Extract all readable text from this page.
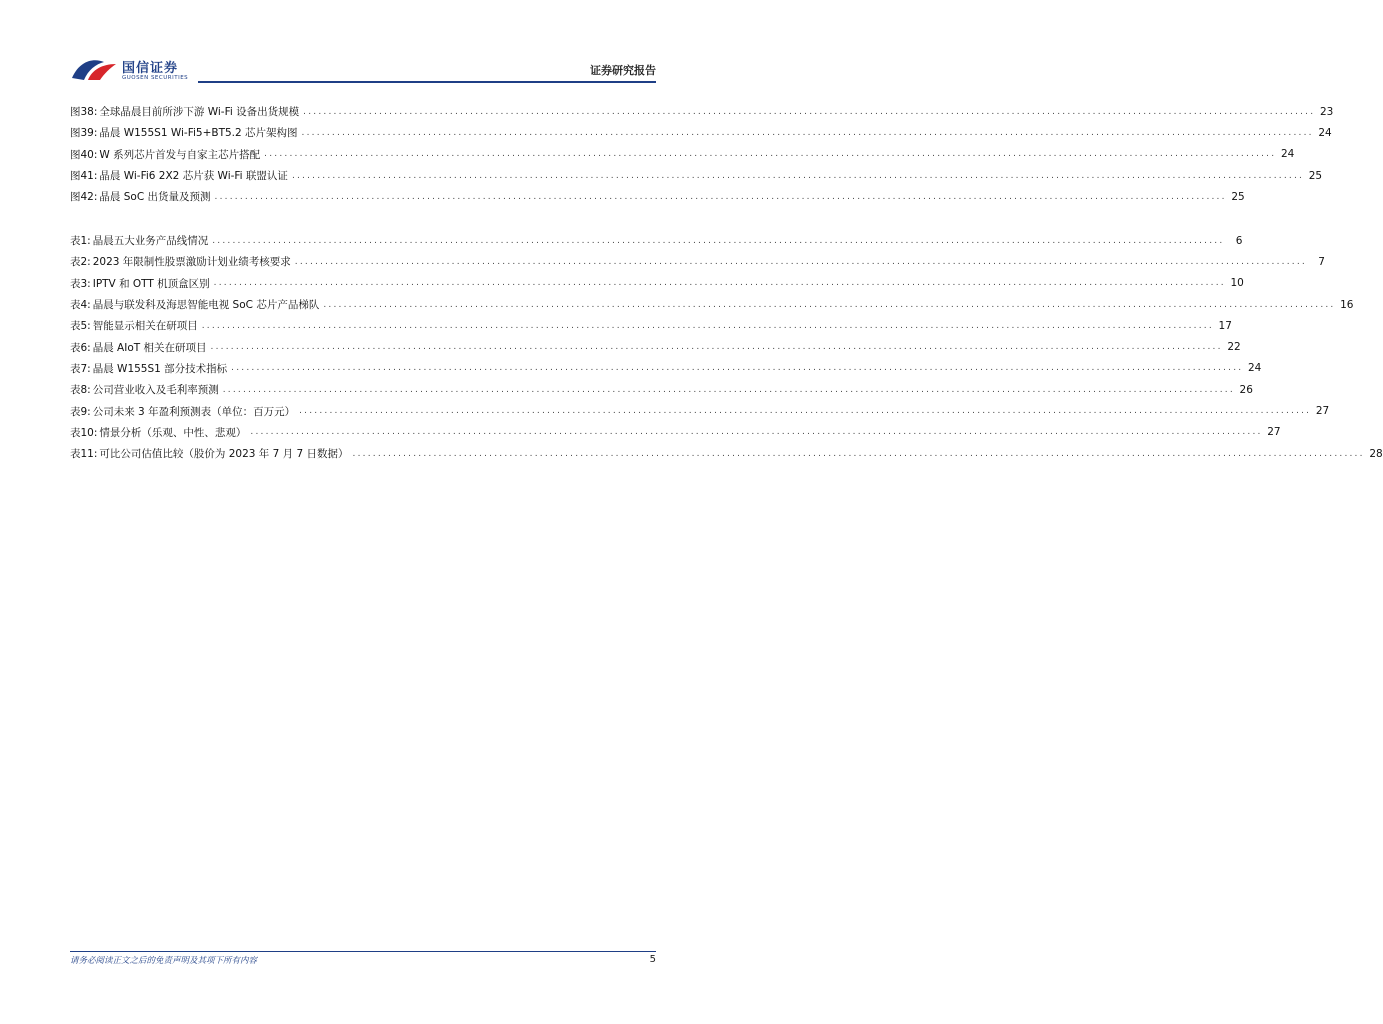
国信证券
GUOSEN SECURITIES
证券研究报告
图38: 全球晶晨目前所涉下游 Wi-Fi 设备出货规模 ........................................................................................................................................................................................................ 23
图39: 晶晨 W155S1 Wi-Fi5+BT5.2 芯片架构图 ........................................................................................................................................................................................................ 24
图40: W 系列芯片首发与自家主芯片搭配 ........................................................................................................................................................................................................ 24
图41: 晶晨 Wi-Fi6 2X2 芯片获 Wi-Fi 联盟认证 ........................................................................................................................................................................................................ 25
图42: 晶晨 SoC 出货量及预测 ........................................................................................................................................................................................................ 25
表1: 晶晨五大业务产品线情况 ........................................................................................................................................................................................................	6
表2: 2023 年限制性股票激励计划业绩考核要求 ........................................................................................................................................................................................................	7
表3: IPTV 和 OTT 机顶盒区别 ........................................................................................................................................................................................................ 10
表4: 晶晨与联发科及海思智能电视 SoC 芯片产品梯队 ........................................................................................................................................................................................................ 16
表5: 智能显示相关在研项目 ........................................................................................................................................................................................................ 17
表6: 晶晨 AIoT 相关在研项目 ........................................................................................................................................................................................................ 22
表7: 晶晨 W155S1 部分技术指标 ........................................................................................................................................................................................................ 24
表8: 公司营业收入及毛利率预测 ........................................................................................................................................................................................................ 26
表9: 公司未来 3 年盈利预测表（单位：百万元） ........................................................................................................................................................................................................ 27
表10: 情景分析（乐观、中性、悲观） ........................................................................................................................................................................................................ 27
表11: 可比公司估值比较（股价为 2023 年 7 月 7 日数据） ........................................................................................................................................................................................................ 28
请务必阅读正文之后的免责声明及其项下所有内容	5
